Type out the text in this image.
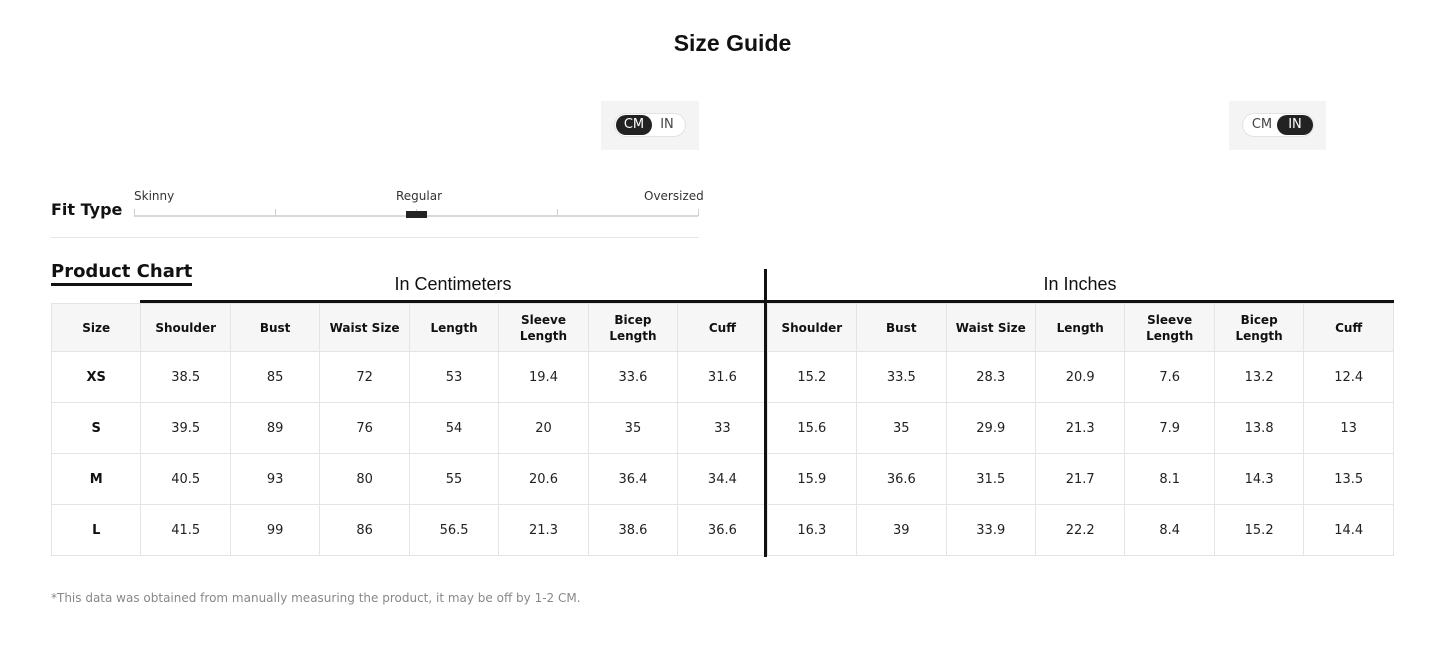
Size Guide
CM	IN	CM	IN
Fit Type
Skinny	Regular	Oversized
Product Chart
In Centimeters	In Inches
Size	Shoulder	Bust	Waist Size	Length	Sleeve Length	Bicep Length	Cuff	Shoulder	Bust	Waist Size	Length	Sleeve Length	Bicep Length	Cuff
XS	38.5	85	72	53	19.4	33.6	31.6	15.2	33.5	28.3	20.9	7.6	13.2	12.4
S	39.5	89	76	54	20	35	33	15.6	35	29.9	21.3	7.9	13.8	13
M	40.5	93	80	55	20.6	36.4	34.4	15.9	36.6	31.5	21.7	8.1	14.3	13.5
L	41.5	99	86	56.5	21.3	38.6	36.6	16.3	39	33.9	22.2	8.4	15.2	14.4
*This data was obtained from manually measuring the product, it may be off by 1-2 CM.
